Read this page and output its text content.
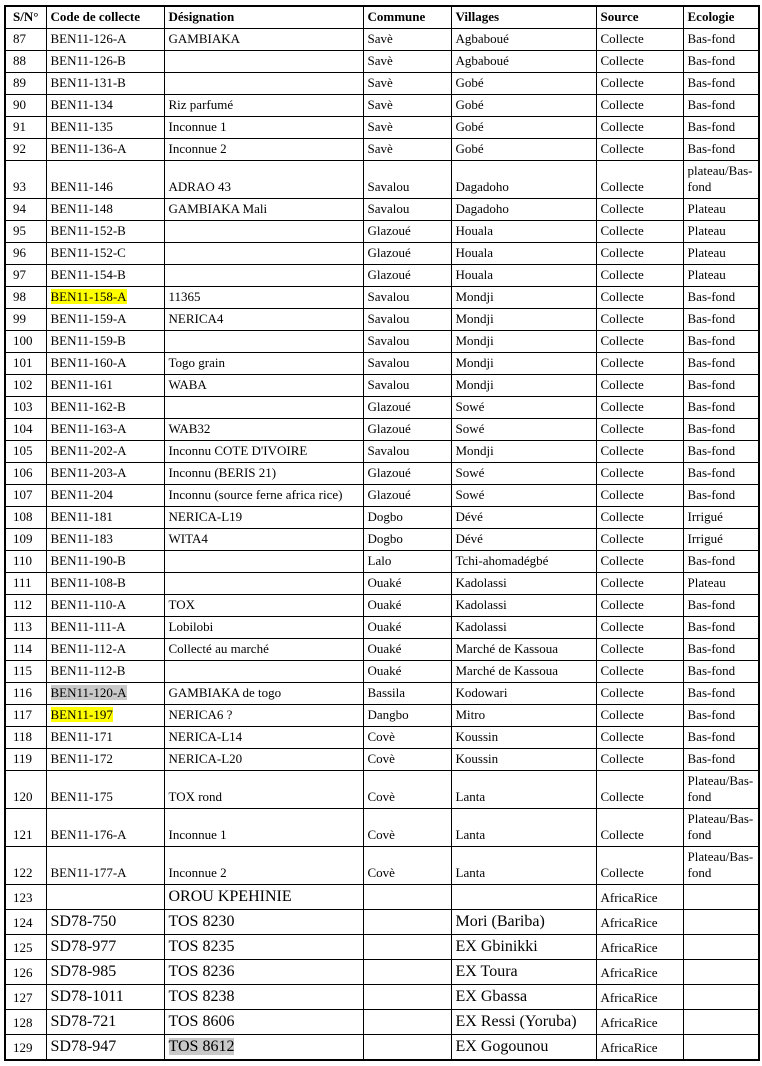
S/N°	Code de collecte	Désignation	Commune	Villages	Source	Ecologie
87	BEN11-126-A	GAMBIAKA	Savè	Agbaboué	Collecte	Bas-fond
88	BEN11-126-B		Savè	Agbaboué	Collecte	Bas-fond
89	BEN11-131-B		Savè	Gobé	Collecte	Bas-fond
90	BEN11-134	Riz parfumé	Savè	Gobé	Collecte	Bas-fond
91	BEN11-135	Inconnue 1	Savè	Gobé	Collecte	Bas-fond
92	BEN11-136-A	Inconnue 2	Savè	Gobé	Collecte	Bas-fond
93	BEN11-146	ADRAO 43	Savalou	Dagadoho	Collecte	plateau/Bas-fond
94	BEN11-148	GAMBIAKA Mali	Savalou	Dagadoho	Collecte	Plateau
95	BEN11-152-B		Glazoué	Houala	Collecte	Plateau
96	BEN11-152-C		Glazoué	Houala	Collecte	Plateau
97	BEN11-154-B		Glazoué	Houala	Collecte	Plateau
98	BEN11-158-A	11365	Savalou	Mondji	Collecte	Bas-fond
99	BEN11-159-A	NERICA4	Savalou	Mondji	Collecte	Bas-fond
100	BEN11-159-B		Savalou	Mondji	Collecte	Bas-fond
101	BEN11-160-A	Togo grain	Savalou	Mondji	Collecte	Bas-fond
102	BEN11-161	WABA	Savalou	Mondji	Collecte	Bas-fond
103	BEN11-162-B		Glazoué	Sowé	Collecte	Bas-fond
104	BEN11-163-A	WAB32	Glazoué	Sowé	Collecte	Bas-fond
105	BEN11-202-A	Inconnu COTE D'IVOIRE	Savalou	Mondji	Collecte	Bas-fond
106	BEN11-203-A	Inconnu (BERIS 21)	Glazoué	Sowé	Collecte	Bas-fond
107	BEN11-204	Inconnu (source ferne africa rice)	Glazoué	Sowé	Collecte	Bas-fond
108	BEN11-181	NERICA-L19	Dogbo	Dévé	Collecte	Irrigué
109	BEN11-183	WITA4	Dogbo	Dévé	Collecte	Irrigué
110	BEN11-190-B		Lalo	Tchi-ahomadégbé	Collecte	Bas-fond
111	BEN11-108-B		Ouaké	Kadolassi	Collecte	Plateau
112	BEN11-110-A	TOX	Ouaké	Kadolassi	Collecte	Bas-fond
113	BEN11-111-A	Lobilobi	Ouaké	Kadolassi	Collecte	Bas-fond
114	BEN11-112-A	Collecté au marché	Ouaké	Marché de Kassoua	Collecte	Bas-fond
115	BEN11-112-B		Ouaké	Marché de Kassoua	Collecte	Bas-fond
116	BEN11-120-A	GAMBIAKA de togo	Bassila	Kodowari	Collecte	Bas-fond
117	BEN11-197	NERICA6 ?	Dangbo	Mitro	Collecte	Bas-fond
118	BEN11-171	NERICA-L14	Covè	Koussin	Collecte	Bas-fond
119	BEN11-172	NERICA-L20	Covè	Koussin	Collecte	Bas-fond
120	BEN11-175	TOX rond	Covè	Lanta	Collecte	Plateau/Bas-fond
121	BEN11-176-A	Inconnue 1	Covè	Lanta	Collecte	Plateau/Bas-fond
122	BEN11-177-A	Inconnue 2	Covè	Lanta	Collecte	Plateau/Bas-fond
123		OROU KPEHINIE			AfricaRice	
124	SD78-750	TOS 8230		Mori (Bariba)	AfricaRice	
125	SD78-977	TOS 8235		EX Gbinikki	AfricaRice	
126	SD78-985	TOS 8236		EX Toura	AfricaRice	
127	SD78-1011	TOS 8238		EX Gbassa	AfricaRice	
128	SD78-721	TOS 8606		EX Ressi (Yoruba)	AfricaRice	
129	SD78-947	TOS 8612		EX Gogounou	AfricaRice	
